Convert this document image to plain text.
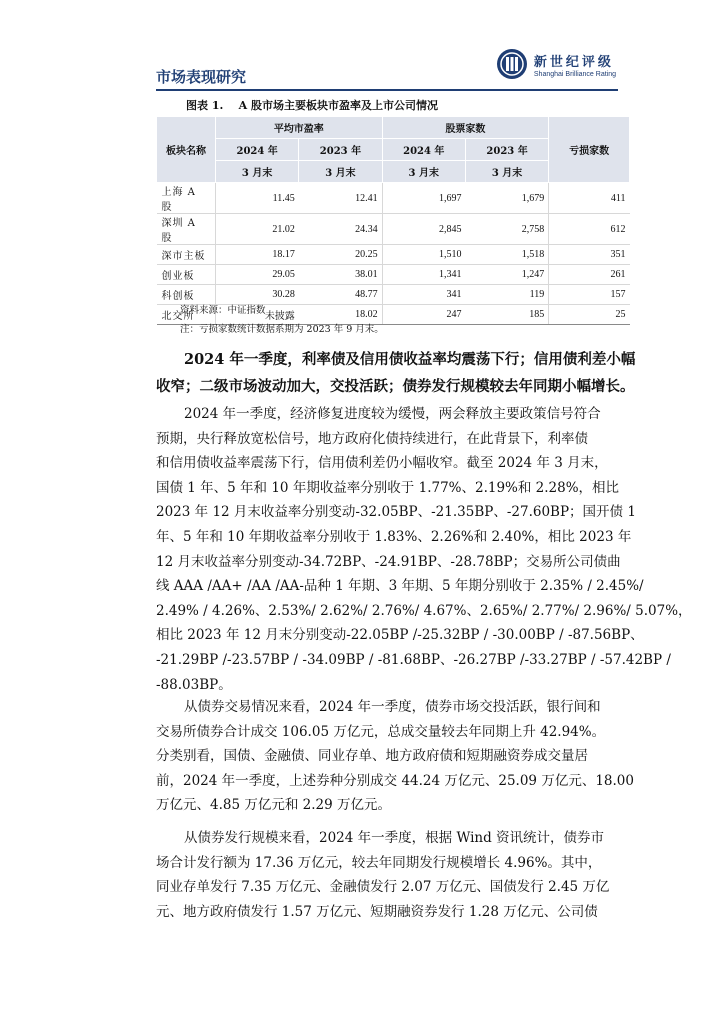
市场表现研究
新世纪评级
Shanghai Brilliance Rating
图表 1.    A 股市场主要板块市盈率及上市公司情况
板块名称	平均市盈率		股票家数		亏损家数
	2024 年	2023 年	2024 年	2023 年	
	3 月末	3 月末	3 月末	3 月末	
上海 A 股	11.45	12.41	1,697	1,679	411
深圳 A 股	21.02	24.34	2,845	2,758	612
深市主板	18.17	20.25	1,510	1,518	351
创业板	29.05	38.01	1,341	1,247	261
科创板	30.28	48.77	341	119	157
北交所	未披露	18.02	247	185	25
资料来源：中证指数
注：亏损家数统计数据系期为 2023 年 9 月末。
2024 年一季度，利率债及信用债收益率均震荡下行；信用债利差小幅
收窄；二级市场波动加大，交投活跃；债券发行规模较去年同期小幅增长。
2024 年一季度，经济修复进度较为缓慢，两会释放主要政策信号符合
预期，央行释放宽松信号，地方政府化债持续进行，在此背景下，利率债
和信用债收益率震荡下行，信用债利差仍小幅收窄。截至 2024 年 3 月末，
国债 1 年、5 年和 10 年期收益率分别收于 1.77%、2.19%和 2.28%，相比
2023 年 12 月末收益率分别变动-32.05BP、-21.35BP、-27.60BP；国开债 1
年、5 年和 10 年期收益率分别收于 1.83%、2.26%和 2.40%，相比 2023 年
12 月末收益率分别变动-34.72BP、-24.91BP、-28.78BP；交易所公司债曲
线 AAA /AA+ /AA /AA-品种 1 年期、3 年期、5 年期分别收于 2.35% / 2.45%/
2.49% / 4.26%、2.53%/ 2.62%/ 2.76%/ 4.67%、2.65%/ 2.77%/ 2.96%/ 5.07%，
相比 2023 年 12 月末分别变动-22.05BP /-25.32BP / -30.00BP / -87.56BP、
-21.29BP /-23.57BP / -34.09BP / -81.68BP、-26.27BP /-33.27BP / -57.42BP /
-88.03BP。
从债券交易情况来看，2024 年一季度，债券市场交投活跃，银行间和
交易所债券合计成交 106.05 万亿元，总成交量较去年同期上升 42.94%。
分类别看，国债、金融债、同业存单、地方政府债和短期融资券成交量居
前，2024 年一季度，上述券种分别成交 44.24 万亿元、25.09 万亿元、18.00
万亿元、4.85 万亿元和 2.29 万亿元。
从债券发行规模来看，2024 年一季度，根据 Wind 资讯统计，债券市
场合计发行额为 17.36 万亿元，较去年同期发行规模增长 4.96%。其中，
同业存单发行 7.35 万亿元、金融债发行 2.07 万亿元、国债发行 2.45 万亿
元、地方政府债发行 1.57 万亿元、短期融资券发行 1.28 万亿元、公司债
